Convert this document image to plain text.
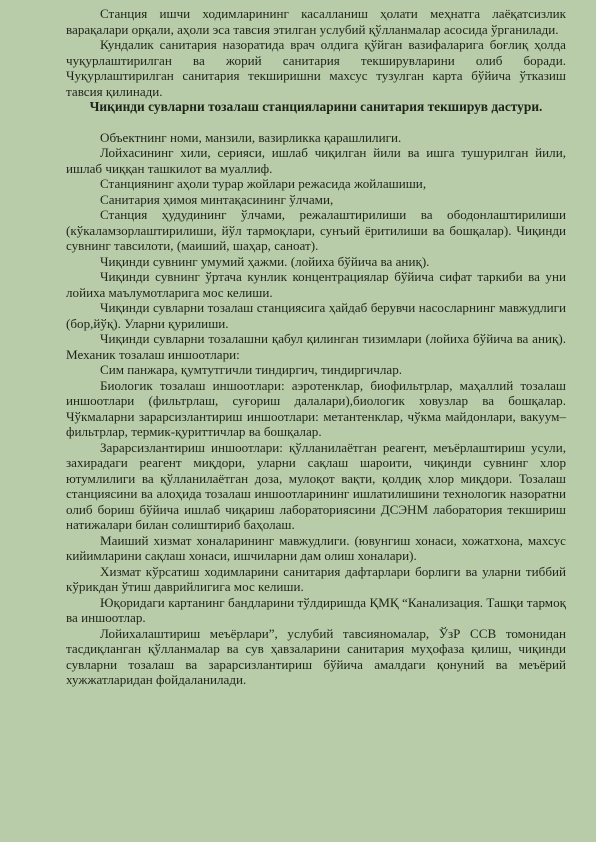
Станция ишчи ходимларининг касалланиш ҳолати меҳнатга лаёқатсизлик варақалари орқали, аҳоли эса тавсия этилган услубий қўлланмалар асосида ўрганилади.

Кундалик санитария назоратида врач олдига қўйган вазифаларига боғлиқ ҳолда чуқурлаштирилган ва жорий санитария текширувларини олиб боради. Чуқурлаштирилган санитария текширишни махсус тузулган карта бўйича ўтказиш тавсия қилинади.

Чиқинди сувларни тозалаш станцияларини санитария текширув дастури.

Объектнинг номи, манзили, вазирликка қарашлилиги.

Лойхасининг хили, серияси, ишлаб чиқилган йили ва ишга тушурилган йили, ишлаб чиққан ташкилот ва муаллиф.

Станциянинг аҳоли турар жойлари режасида жойлашиши,

Санитария ҳимоя минтақасининг ўлчами,

Станция ҳудудининг ўлчами, режалаштирилиши ва ободонлаштирилиши (кўкаламзорлаштирилиши, йўл тармоқлари, сунъий ёритилиши ва бошқалар). Чиқинди сувнинг тавсилоти, (маиший, шаҳар, саноат).

Чиқинди сувнинг умумий ҳажми. (лойиха бўйича ва аниқ).

Чиқинди сувнинг ўртача кунлик концентрациялар бўйича сифат таркиби ва уни лойиха маълумотларига мос келиши.

Чиқинди сувларни тозалаш станциясига ҳайдаб берувчи насосларнинг мавжудлиги (бор,йўқ). Уларни қурилиши.

Чиқинди сувларни тозалашни қабул қилинган тизимлари (лойиха бўйича ва аниқ). Механик тозалаш иншоотлари:

Сим панжара, қумтутгичли тиндиргич, тиндиргичлар.

Биологик тозалаш иншоотлари: аэротенклар, биофильтрлар, маҳаллий тозалаш иншоотлари (фильтрлаш, суғориш далалари),биологик ховузлар ва бошқалар. Чўкмаларни зарарсизлантириш иншоотлари: метантенклар, чўкма майдонлари, вакуум–фильтрлар, термик-қуриттичлар ва бошқалар.

Зарарсизлантириш иншоотлари: қўлланилаётган реагент, меъёрлаштириш усули, захирадаги реагент миқдори, уларни сақлаш шароити, чиқинди сувнинг хлор ютумлилиги ва қўлланилаётган доза, мулоқот вақти, қолдиқ хлор миқдори. Тозалаш станциясини ва алоҳида тозалаш иншоотларининг ишлатилишини технологик назоратни олиб бориш бўйича ишлаб чиқариш лабораториясини ДСЭНМ лаборатория текшириш натижалари билан солиштириб баҳолаш.

Маиший хизмат хоналарининг мавжудлиги. (ювунгиш хонаси, хожатхона, махсус кийимларини сақлаш хонаси, ишчиларни дам олиш хоналари).

Хизмат кўрсатиш ходимларини санитария дафтарлари борлиги ва уларни тиббий кўрикдан ўтиш даврийлигига мос келиши.

Юқоридаги картанинг бандларини тўлдиришда ҚМҚ “Канализация. Ташқи тармоқ ва иншоотлар.

Лойихалаштириш меъёрлари”, услубий тавсияномалар, ЎзР ССВ томонидан тасдиқланган қўлланмалар ва сув ҳавзаларини санитария муҳофаза қилиш, чиқинди сувларни тозалаш ва зарарсизлантириш бўйича амалдаги қонуний ва меъёрий хужжатларидан фойдаланилади.
